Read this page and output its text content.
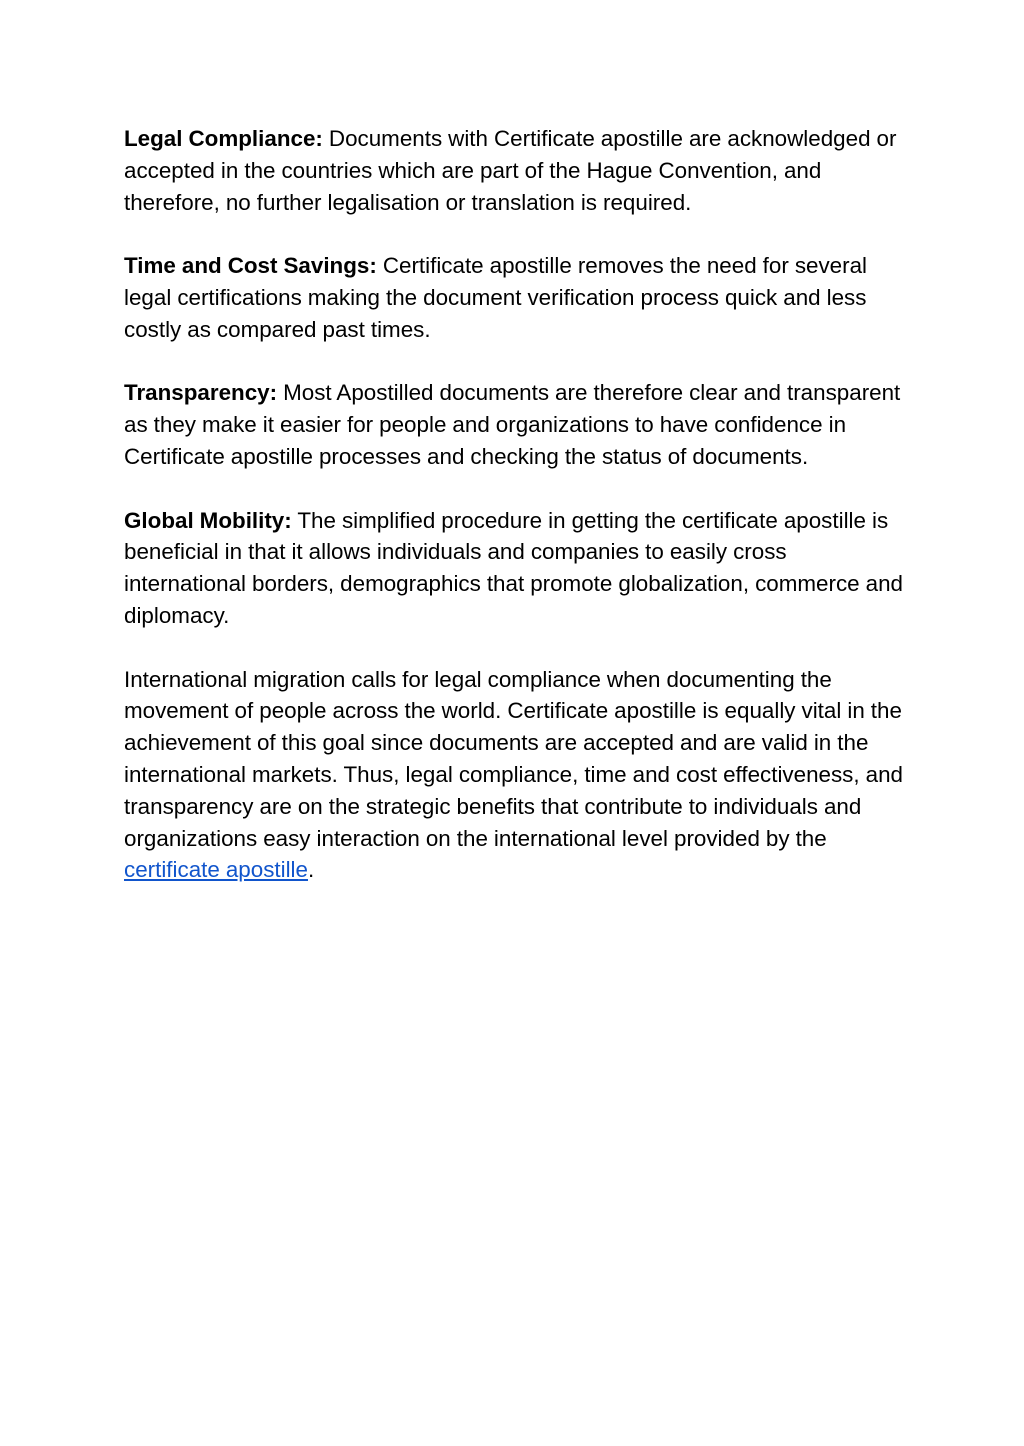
Legal Compliance: Documents with Certificate apostille are acknowledged or accepted in the countries which are part of the Hague Convention, and therefore, no further legalisation or translation is required.

Time and Cost Savings: Certificate apostille removes the need for several legal certifications making the document verification process quick and less costly as compared past times.

Transparency: Most Apostilled documents are therefore clear and transparent as they make it easier for people and organizations to have confidence in Certificate apostille processes and checking the status of documents.

Global Mobility: The simplified procedure in getting the certificate apostille is beneficial in that it allows individuals and companies to easily cross international borders, demographics that promote globalization, commerce and diplomacy.

International migration calls for legal compliance when documenting the movement of people across the world. Certificate apostille is equally vital in the achievement of this goal since documents are accepted and are valid in the international markets. Thus, legal compliance, time and cost effectiveness, and transparency are on the strategic benefits that contribute to individuals and organizations easy interaction on the international level provided by the certificate apostille.
